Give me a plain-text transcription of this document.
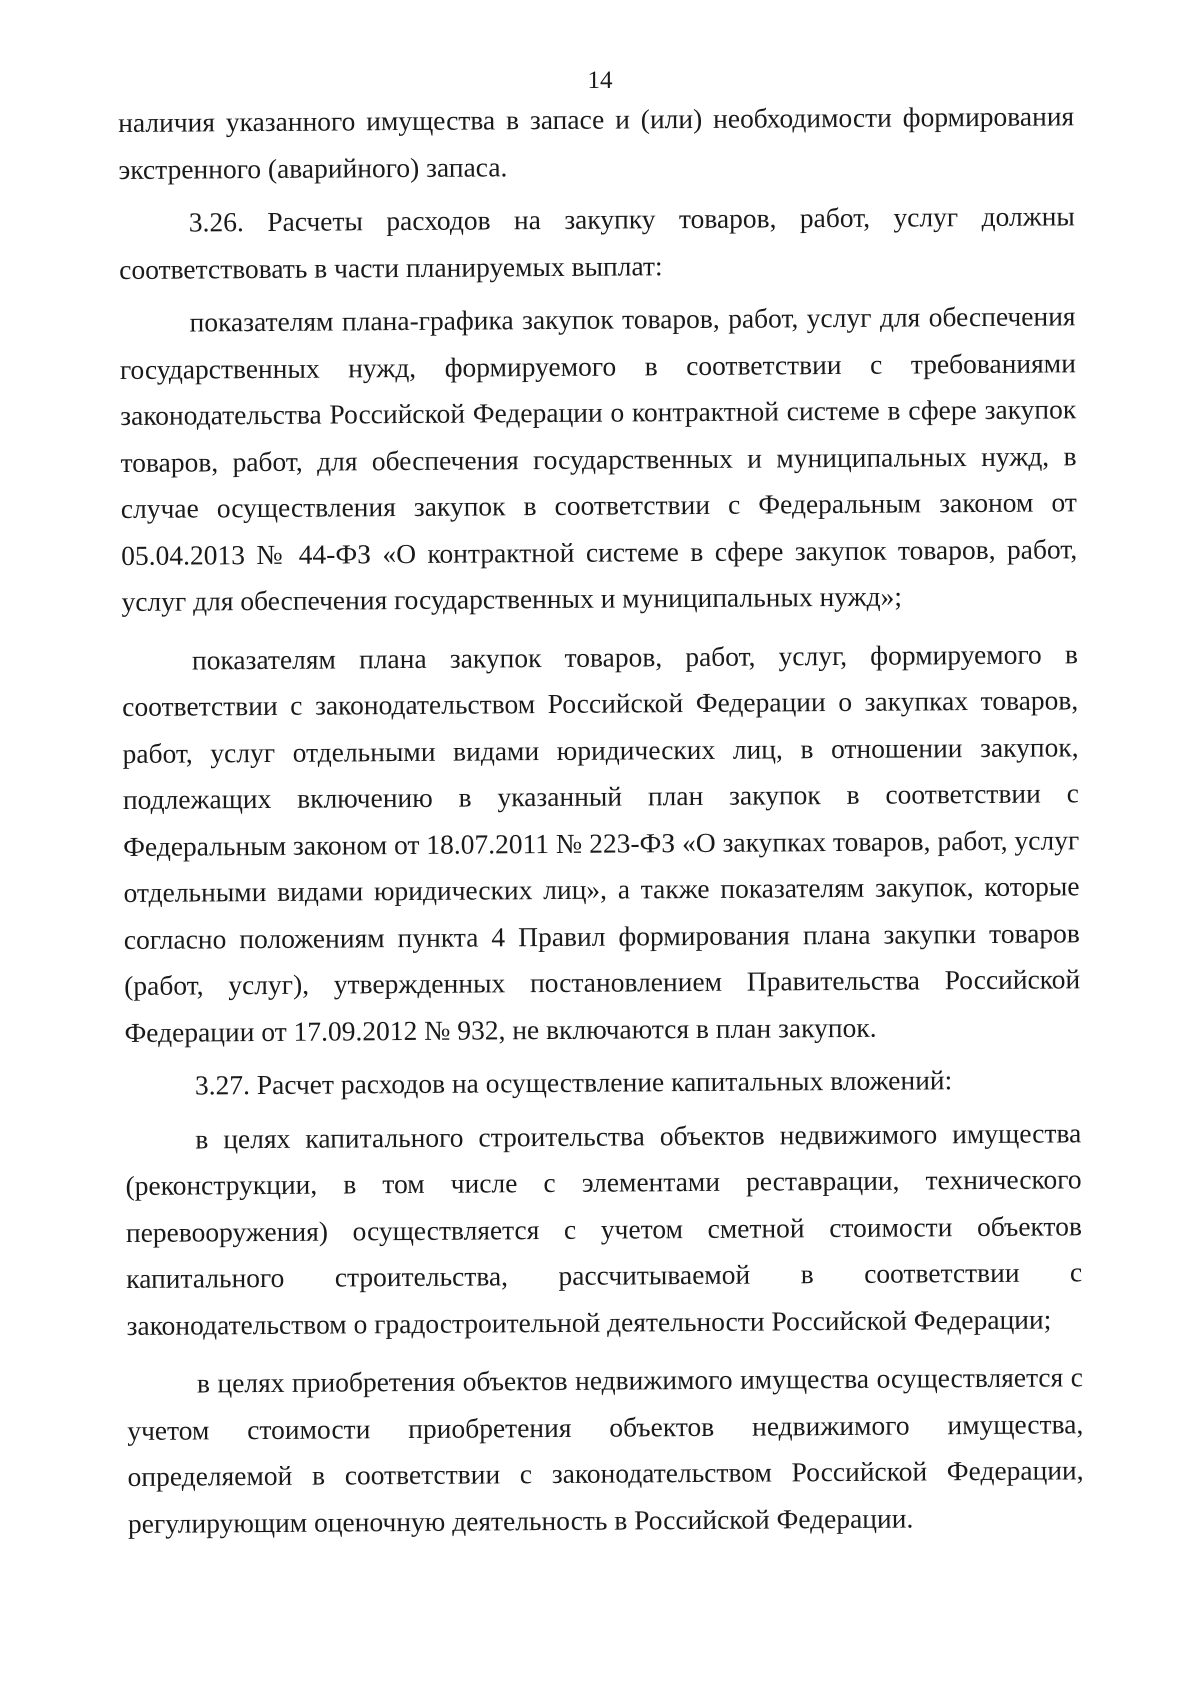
14

наличия указанного имущества в запасе и (или) необходимости формирования экстренного (аварийного) запаса.

3.26. Расчеты расходов на закупку товаров, работ, услуг должны соответствовать в части планируемых выплат:

показателям плана-графика закупок товаров, работ, услуг для обеспечения государственных нужд, формируемого в соответствии с требованиями законодательства Российской Федерации о контрактной системе в сфере закупок товаров, работ, для обеспечения государственных и муниципальных нужд, в случае осуществления закупок в соответствии с Федеральным законом от 05.04.2013 № 44-ФЗ «О контрактной системе в сфере закупок товаров, работ, услуг для обеспечения государственных и муниципальных нужд»;

показателям плана закупок товаров, работ, услуг, формируемого в соответствии с законодательством Российской Федерации о закупках товаров, работ, услуг отдельными видами юридических лиц, в отношении закупок, подлежащих включению в указанный план закупок в соответствии с Федеральным законом от 18.07.2011 № 223-ФЗ «О закупках товаров, работ, услуг отдельными видами юридических лиц», а также показателям закупок, которые согласно положениям пункта 4 Правил формирования плана закупки товаров (работ, услуг), утвержденных постановлением Правительства Российской Федерации от 17.09.2012 № 932, не включаются в план закупок.

3.27. Расчет расходов на осуществление капитальных вложений:

в целях капитального строительства объектов недвижимого имущества (реконструкции, в том числе с элементами реставрации, технического перевооружения) осуществляется с учетом сметной стоимости объектов капитального строительства, рассчитываемой в соответствии с законодательством о градостроительной деятельности Российской Федерации;

в целях приобретения объектов недвижимого имущества осуществляется с учетом стоимости приобретения объектов недвижимого имущества, определяемой в соответствии с законодательством Российской Федерации, регулирующим оценочную деятельность в Российской Федерации.
